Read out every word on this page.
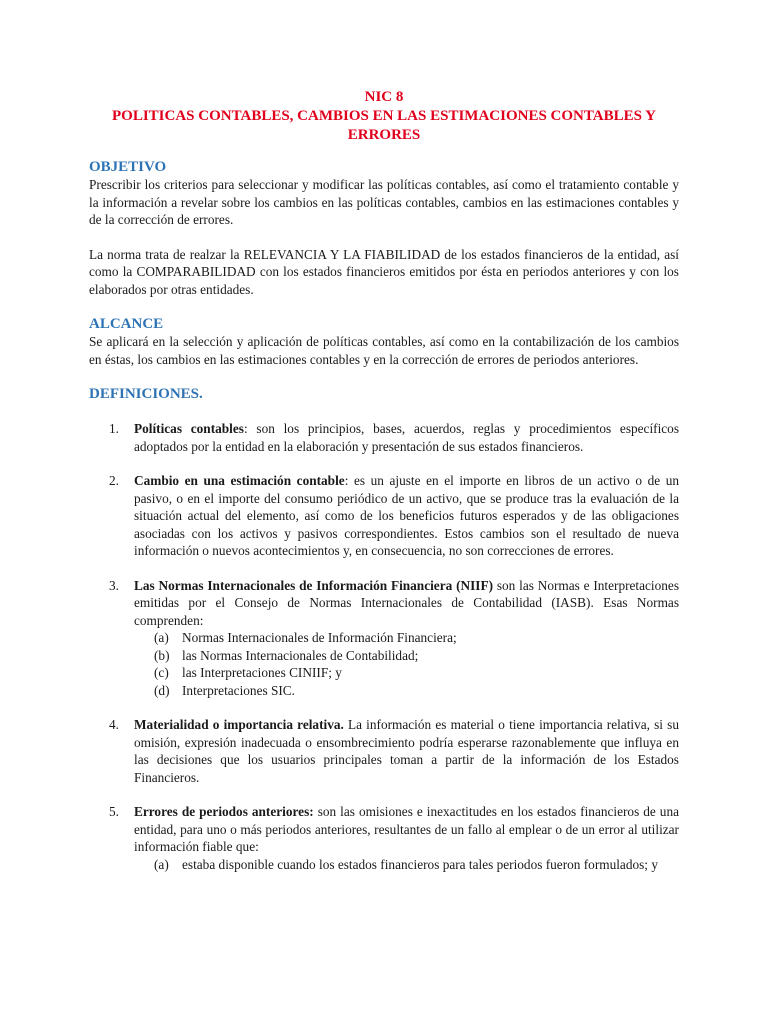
NIC 8
POLITICAS CONTABLES, CAMBIOS EN LAS ESTIMACIONES CONTABLES Y ERRORES
OBJETIVO

Prescribir los criterios para seleccionar y modificar las políticas contables, así como el tratamiento contable y la información a revelar sobre los cambios en las políticas contables, cambios en las estimaciones contables y de la corrección de errores.

La norma trata de realzar la RELEVANCIA Y LA FIABILIDAD de los estados financieros de la entidad, así como la COMPARABILIDAD con los estados financieros emitidos por ésta en periodos anteriores y con los elaborados por otras entidades.

ALCANCE

Se aplicará en la selección y aplicación de políticas contables, así como en la contabilización de los cambios en éstas, los cambios en las estimaciones contables y en la corrección de errores de periodos anteriores.

DEFINICIONES.
1. Políticas contables: son los principios, bases, acuerdos, reglas y procedimientos específicos adoptados por la entidad en la elaboración y presentación de sus estados financieros.
2. Cambio en una estimación contable: es un ajuste en el importe en libros de un activo o de un pasivo, o en el importe del consumo periódico de un activo, que se produce tras la evaluación de la situación actual del elemento, así como de los beneficios futuros esperados y de las obligaciones asociadas con los activos y pasivos correspondientes. Estos cambios son el resultado de nueva información o nuevos acontecimientos y, en consecuencia, no son correcciones de errores.
3. Las Normas Internacionales de Información Financiera (NIIF) son las Normas e Interpretaciones emitidas por el Consejo de Normas Internacionales de Contabilidad (IASB). Esas Normas comprenden:
(a) Normas Internacionales de Información Financiera;
(b) las Normas Internacionales de Contabilidad;
(c) las Interpretaciones CINIIF; y
(d) Interpretaciones SIC.
4. Materialidad o importancia relativa. La información es material o tiene importancia relativa, si su omisión, expresión inadecuada o ensombrecimiento podría esperarse razonablemente que influya en las decisiones que los usuarios principales toman a partir de la información de los Estados Financieros.
5. Errores de periodos anteriores: son las omisiones e inexactitudes en los estados financieros de una entidad, para uno o más periodos anteriores, resultantes de un fallo al emplear o de un error al utilizar información fiable que:
(a) estaba disponible cuando los estados financieros para tales periodos fueron formulados; y
